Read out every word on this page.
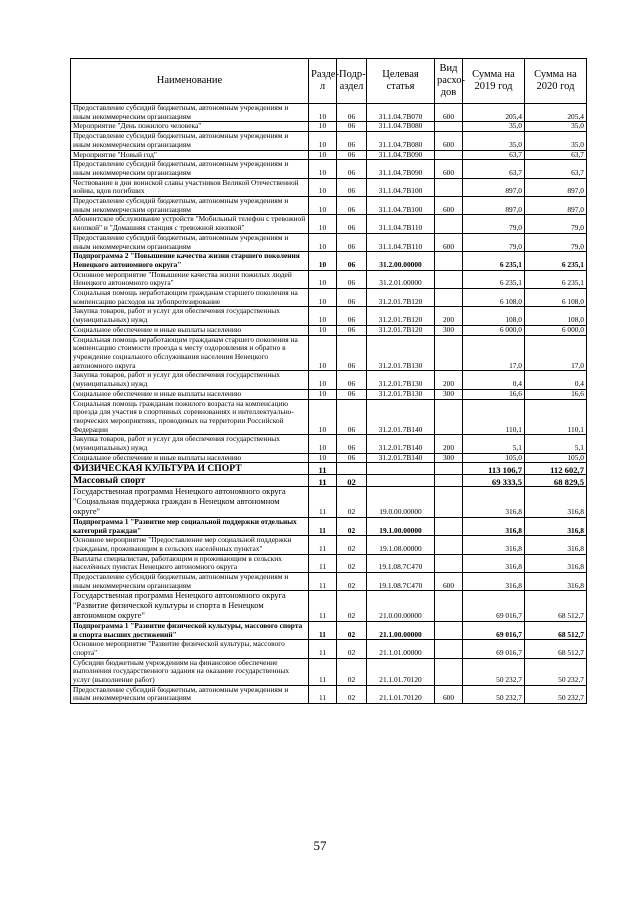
Наименование	Раздел	Подраздел	Целевая статья	Вид расходов	Сумма на 2019 год	Сумма на 2020 год
Предоставление субсидий бюджетным, автономным учреждениям и иным некоммерческим организациям	10	06	31.1.04.7В070	600	205,4	205,4
Мероприятие "День пожилого человека"	10	06	31.1.04.7В080		35,0	35,0
Предоставление субсидий бюджетным, автономным учреждениям и иным некоммерческим организациям	10	06	31.1.04.7В080	600	35,0	35,0
Мероприятие "Новый год"	10	06	31.1.04.7В090		63,7	63,7
Предоставление субсидий бюджетным, автономным учреждениям и иным некоммерческим организациям	10	06	31.1.04.7В090	600	63,7	63,7
Чествование в дни воинской славы участников Великой Отечественной войны, вдов погибших	10	06	31.1.04.7В100		897,0	897,0
Предоставление субсидий бюджетным, автономным учреждениям и иным некоммерческим организациям	10	06	31.1.04.7В100	600	897,0	897,0
Абонентское обслуживание устройств "Мобильный телефон с тревожной кнопкой" и "Домашняя станция с тревожной кнопкой"	10	06	31.1.04.7В110		79,0	79,0
Предоставление субсидий бюджетным, автономным учреждениям и иным некоммерческим организациям	10	06	31.1.04.7В110	600	79,0	79,0
Подпрограмма 2 "Повышение качества жизни старшего поколения Ненецкого автономного округа"	10	06	31.2.00.00000		6 235,1	6 235,1
Основное мероприятие "Повышение качества жизни пожилых людей Ненецкого автономного округа"	10	06	31.2.01.00000		6 235,1	6 235,1
Социальная помощь неработающим гражданам старшего поколения на компенсацию расходов на зубопротезирование	10	06	31.2.01.7В120		6 108,0	6 108,0
Закупка товаров, работ и услуг для обеспечения государственных (муниципальных) нужд	10	06	31.2.01.7В120	200	108,0	108,0
Социальное обеспечение и иные выплаты населению	10	06	31.2.01.7В120	300	6 000,0	6 000,0
Социальная помощь неработающим гражданам старшего поколения на компенсацию стоимости проезда к месту оздоровления и обратно в учреждение социального обслуживания населения Ненецкого автономного округа	10	06	31.2.01.7В130		17,0	17,0
Закупка товаров, работ и услуг для обеспечения государственных (муниципальных) нужд	10	06	31.2.01.7В130	200	0,4	0,4
Социальное обеспечение и иные выплаты населению	10	06	31.2.01.7В130	300	16,6	16,6
Социальная помощь гражданам пожилого возраста на компенсацию проезда для участия в спортивных соревнованиях и интеллектуально-творческих мероприятиях, проводимых на территории Российской Федерации	10	06	31.2.01.7В140		110,1	110,1
Закупка товаров, работ и услуг для обеспечения государственных (муниципальных) нужд	10	06	31.2.01.7В140	200	5,1	5,1
Социальное обеспечение и иные выплаты населению	10	06	31.2.01.7В140	300	105,0	105,0
ФИЗИЧЕСКАЯ КУЛЬТУРА И СПОРТ	11				113 106,7	112 602,7
Массовый спорт	11	02			69 333,5	68 829,5
Государственная программа Ненецкого автономного округа "Социальная поддержка граждан в Ненецком автономном округе"	11	02	19.0.00.00000		316,8	316,8
Подпрограмма 1 "Развитие мер социальной поддержки отдельных категорий граждан"	11	02	19.1.00.00000		316,8	316,8
Основное мероприятие "Предоставление мер социальной поддержки гражданам, проживающим в сельских населённых пунктах"	11	02	19.1.08.00000		316,8	316,8
Выплаты специалистам, работающим и проживающим в сельских населённых пунктах Ненецкого автономного округа	11	02	19.1.08.7С470		316,8	316,8
Предоставление субсидий бюджетным, автономным учреждениям и иным некоммерческим организациям	11	02	19.1.08.7С470	600	316,8	316,8
Государственная программа Ненецкого автономного округа "Развитие физической культуры и спорта в Ненецком автономном округе"	11	02	21.0.00.00000		69 016,7	68 512,7
Подпрограмма 1 "Развитие физической культуры, массового спорта и спорта высших достижений"	11	02	21.1.00.00000		69 016,7	68 512,7
Основное мероприятие "Развитие физической культуры, массового спорта"	11	02	21.1.01.00000		69 016,7	68 512,7
Субсидии бюджетным учреждениям на финансовое обеспечение выполнения государственного задания на оказание государственных услуг (выполнение работ)	11	02	21.1.01.70120		50 232,7	50 232,7
Предоставление субсидий бюджетным, автономным учреждениям и иным некоммерческим организациям	11	02	21.1.01.70120	600	50 232,7	50 232,7
57
